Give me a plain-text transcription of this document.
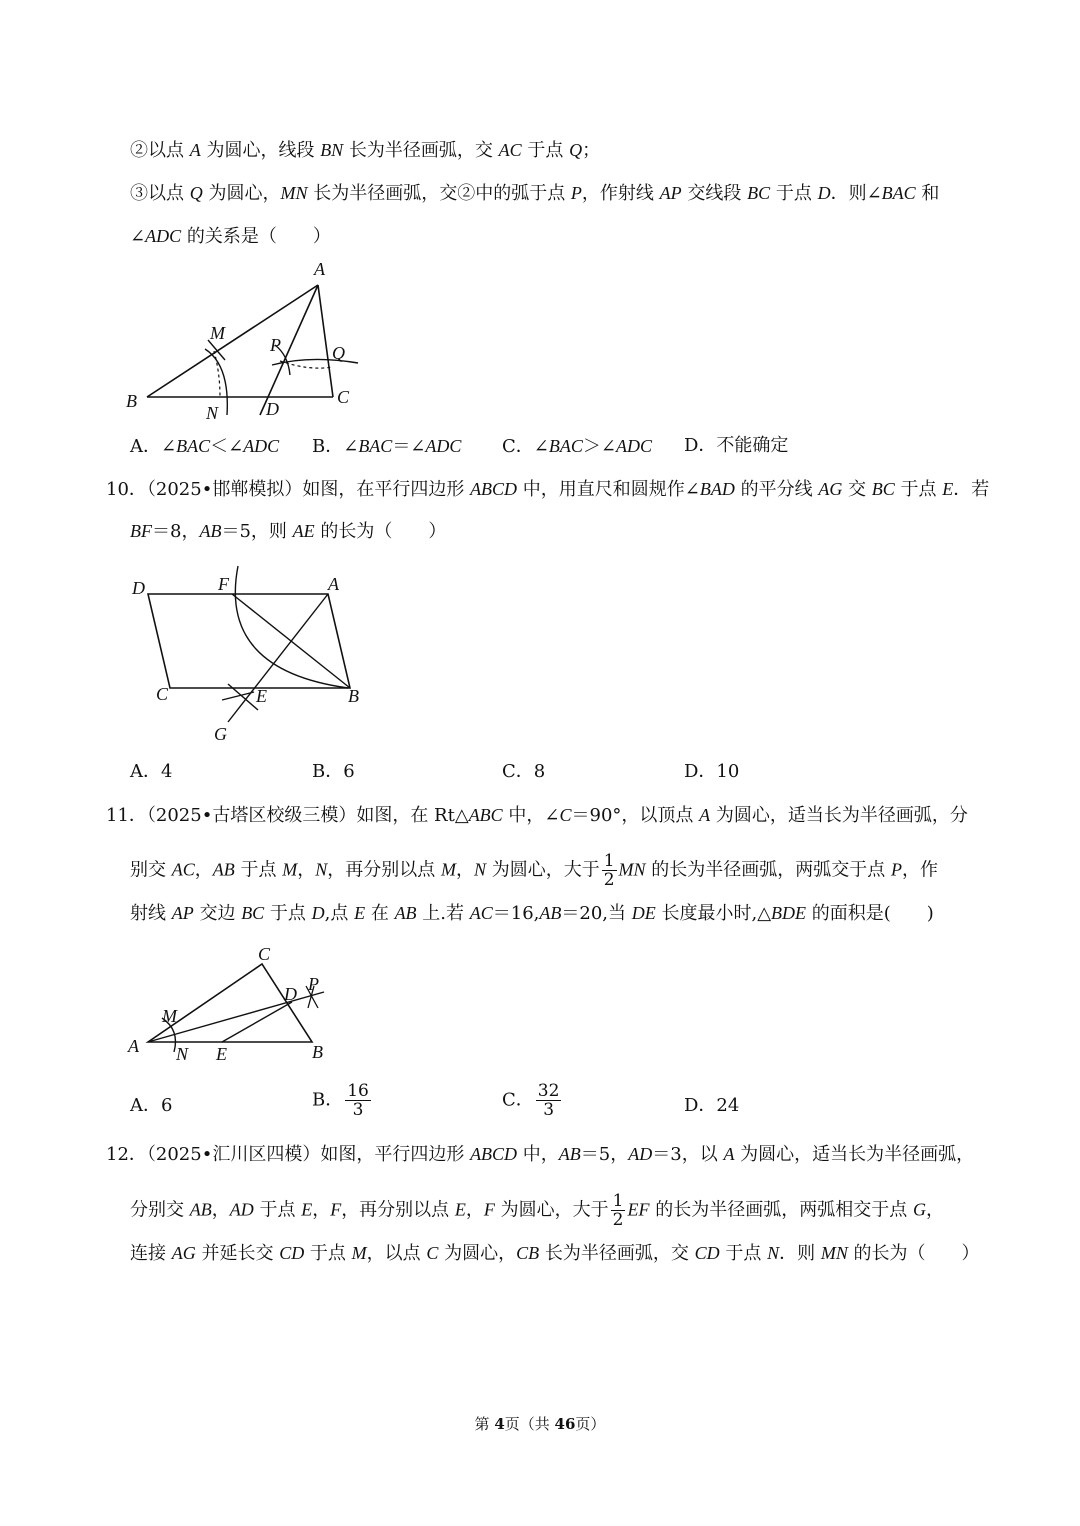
②以点 A 为圆心，线段 BN 长为半径画弧，交 AC 于点 Q；
③以点 Q 为圆心，MN 长为半径画弧，交②中的弧于点 P，作射线 AP 交线段 BC 于点 D．则∠BAC 和
∠ADC 的关系是（　　）
A
M
P	Q
B
N	D
C
A．∠BAC＜∠ADC B．∠BAC＝∠ADC C．∠BAC＞∠ADC D．不能确定
10．（2025•邯郸模拟）如图，在平行四边形 ABCD 中，用直尺和圆规作∠BAD 的平分线 AG 交 BC 于点 E．若
BF＝8，AB＝5，则 AE 的长为（　　）
D	F	A
C	E	B
G
A．4	B．6	C．8	D．10
11．（2025•古塔区校级三模）如图，在 Rt△ABC 中，∠C＝90°，以顶点 A 为圆心，适当长为半径画弧，分
别交 AC，AB 于点 M，N，再分别以点 M，N 为圆心，大于 $\frac{1}{2}$ MN 的长为半径画弧，两弧交于点 P，作
射线 AP 交边 BC 于点 D,点 E 在 AB 上.若 AC＝16,AB＝20,当 DE 长度最小时,△BDE 的面积是(　　)
C
D P
M
A N E	B
A．6	B． $\frac{16}{3}$	C． $\frac{32}{3}$	D．24
12．（2025•汇川区四模）如图，平行四边形 ABCD 中，AB＝5，AD＝3，以 A 为圆心，适当长为半径画弧，
分别交 AB，AD 于点 E，F，再分别以点 E，F 为圆心，大于 $\frac{1}{2}$ EF 的长为半径画弧，两弧相交于点 G，
连接 AG 并延长交 CD 于点 M，以点 C 为圆心，CB 长为半径画弧，交 CD 于点 N．则 MN 的长为（　　）
第 4页（共 46页）
